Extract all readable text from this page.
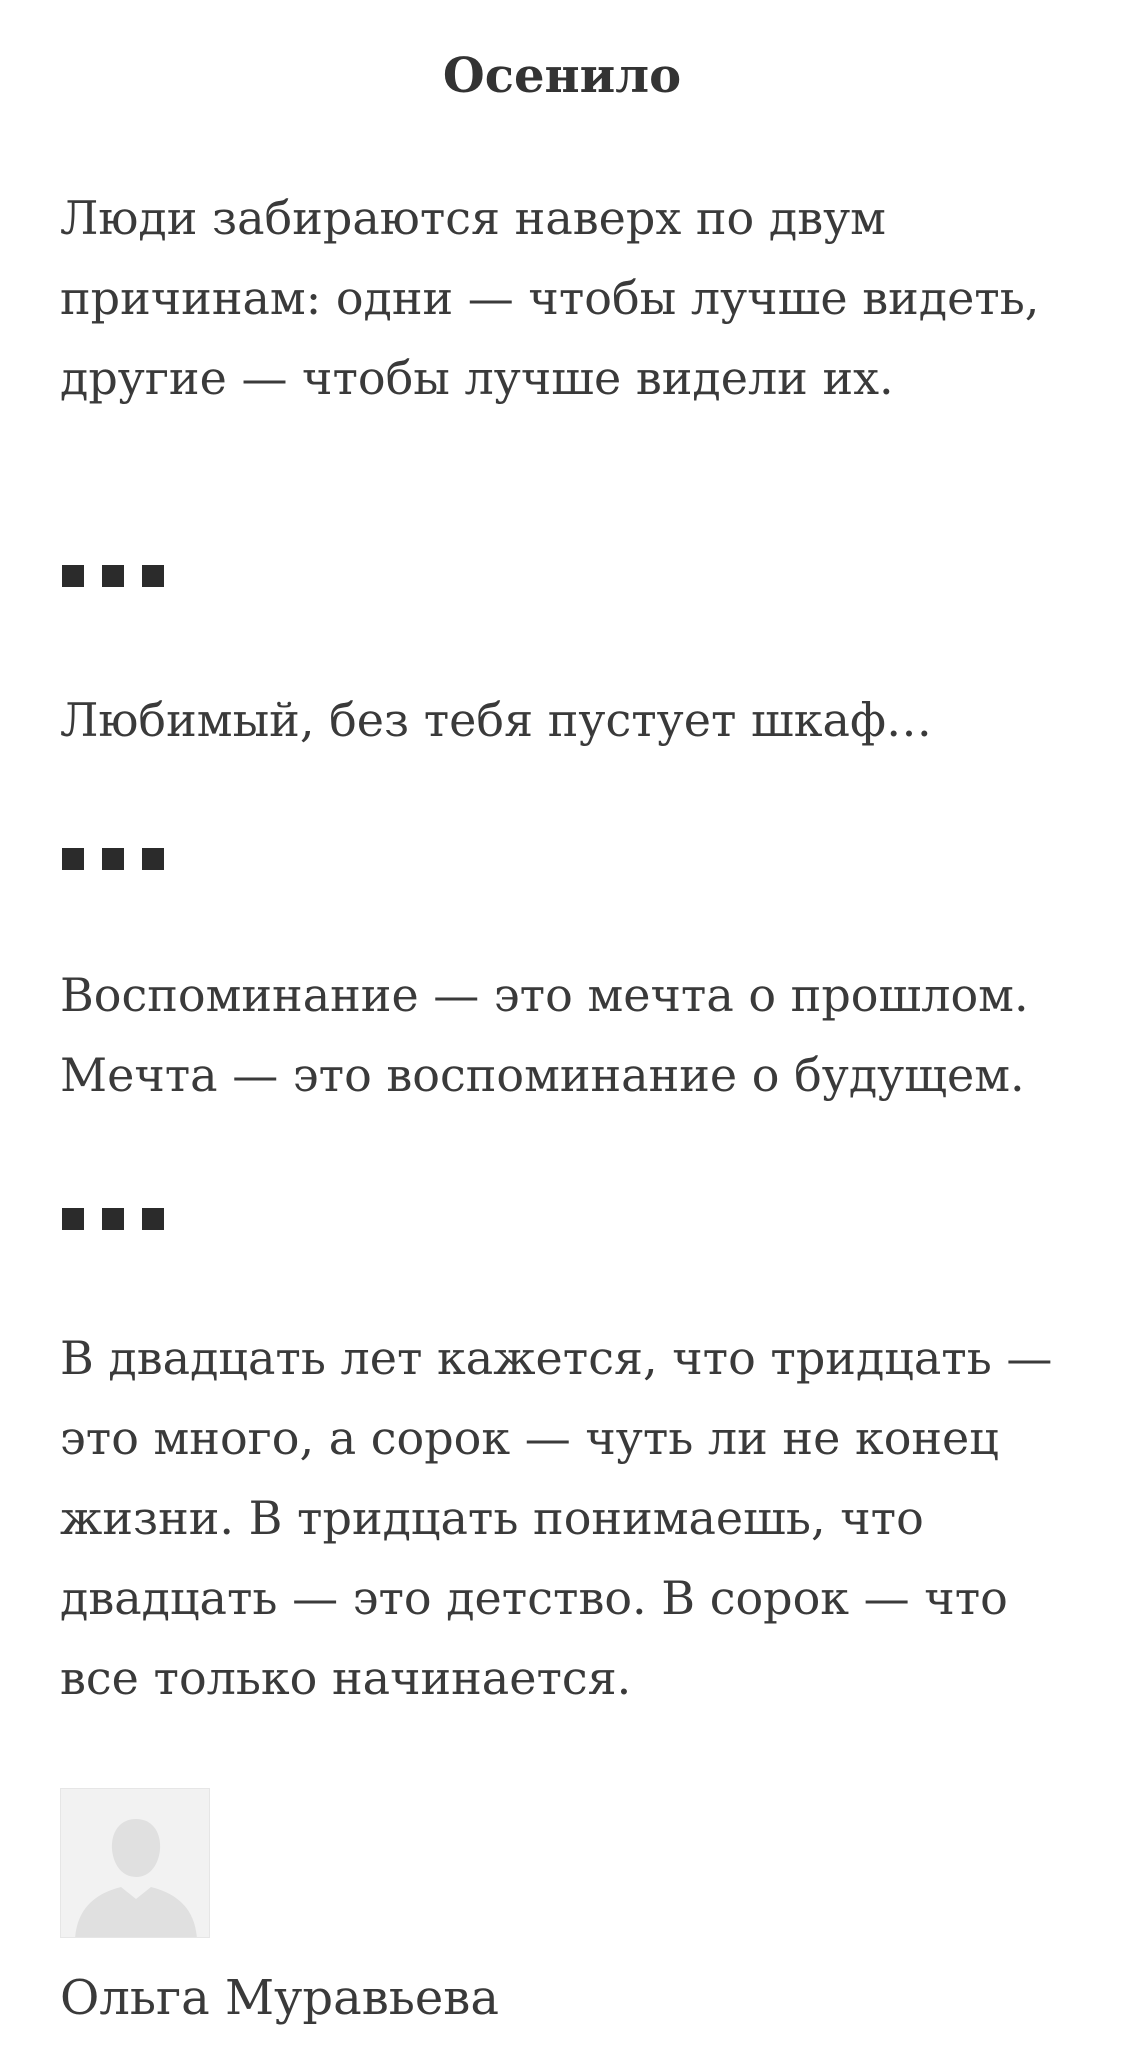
Осенило

Люди забираются наверх по двум причинам: одни — чтобы лучше видеть, другие — чтобы лучше видели их.

Любимый, без тебя пустует шкаф…

Воспоминание — это мечта о прошлом. Мечта — это воспоминание о будущем.

В двадцать лет кажется, что тридцать — это много, а сорок — чуть ли не конец жизни. В тридцать понимаешь, что двадцать — это детство. В сорок — что все только начинается.

Ольга Муравьева
